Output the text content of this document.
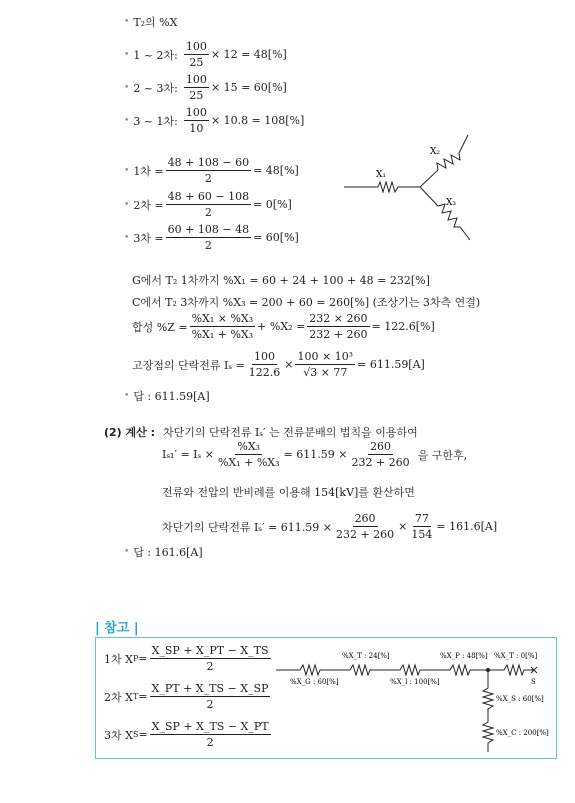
• T₂의 %X
• 1 ~ 2차: $\frac{100}{25} \times 12 = 48[\%]$
• 2 ~ 3차: $\frac{100}{25} \times 15 = 60[\%]$
• 3 ~ 1차: $\frac{100}{10} \times 10.8 = 108[\%]$
• 1차 = $\frac{48 + 108 - 60}{2} = 48[\%]$
• 2차 = $\frac{48 + 60 - 108}{2} = 0[\%]$
• 3차 = $\frac{60 + 108 - 48}{2} = 60[\%]$
X₁
X₂
X₃
G에서 T₂ 1차까지 %X₁ = 60 + 24 + 100 + 48 = 232[%]
C에서 T₂ 3차까지 %X₃ = 200 + 60 = 260[%] (조상기는 3차측 연결)
합성 $\%Z = \frac{\text{\%X₁ × \%X₃}}{\text{\%X₁ + \%X₃}} + \%X_2 = \frac{232 \times 260}{232 + 260} = 122.6[\%]$
고장점의 단락전류 $I_s = \frac{100}{122.6} \times \frac{\text{100 × 10³}}{√3 \times 77} = 611.59[A]$
• 답 : 611.59[A]
(2) 계산 : 차단기의 단락전류 Iₛ′ 는 전류분배의 법칙을 이용하여
$I_{s1}' = I_s \times \frac{\text{\%X₃}}{\text{\%X₁ + \%X₃}} = 611.59 \times \frac{260}{232 + 260}$ 을 구한후,
전류와 전압의 반비례를 이용해 154[kV]를 환산하면
차단기의 단락전류 $I_s' = 611.59 \times \frac{260}{232 + 260} \times \frac{77}{154} = 161.6[A]$
• 답 : 161.6[A]
| 참고 |
1차 X $P = \frac{X\_SP + X\_PT - X\_TS}{2}$
2차 X $T = \frac{X\_PT + X\_TS - X\_SP}{2}$
3차 X $S = \frac{X\_SP + X\_TS - X\_PT}{2}$
%X_G : 60[%]
%X_T : 24[%]
%X_l : 100[%]
%X_P : 48[%] %X_T : 0[%]
S
%X_S : 60[%]
%X_C : 200[%]
